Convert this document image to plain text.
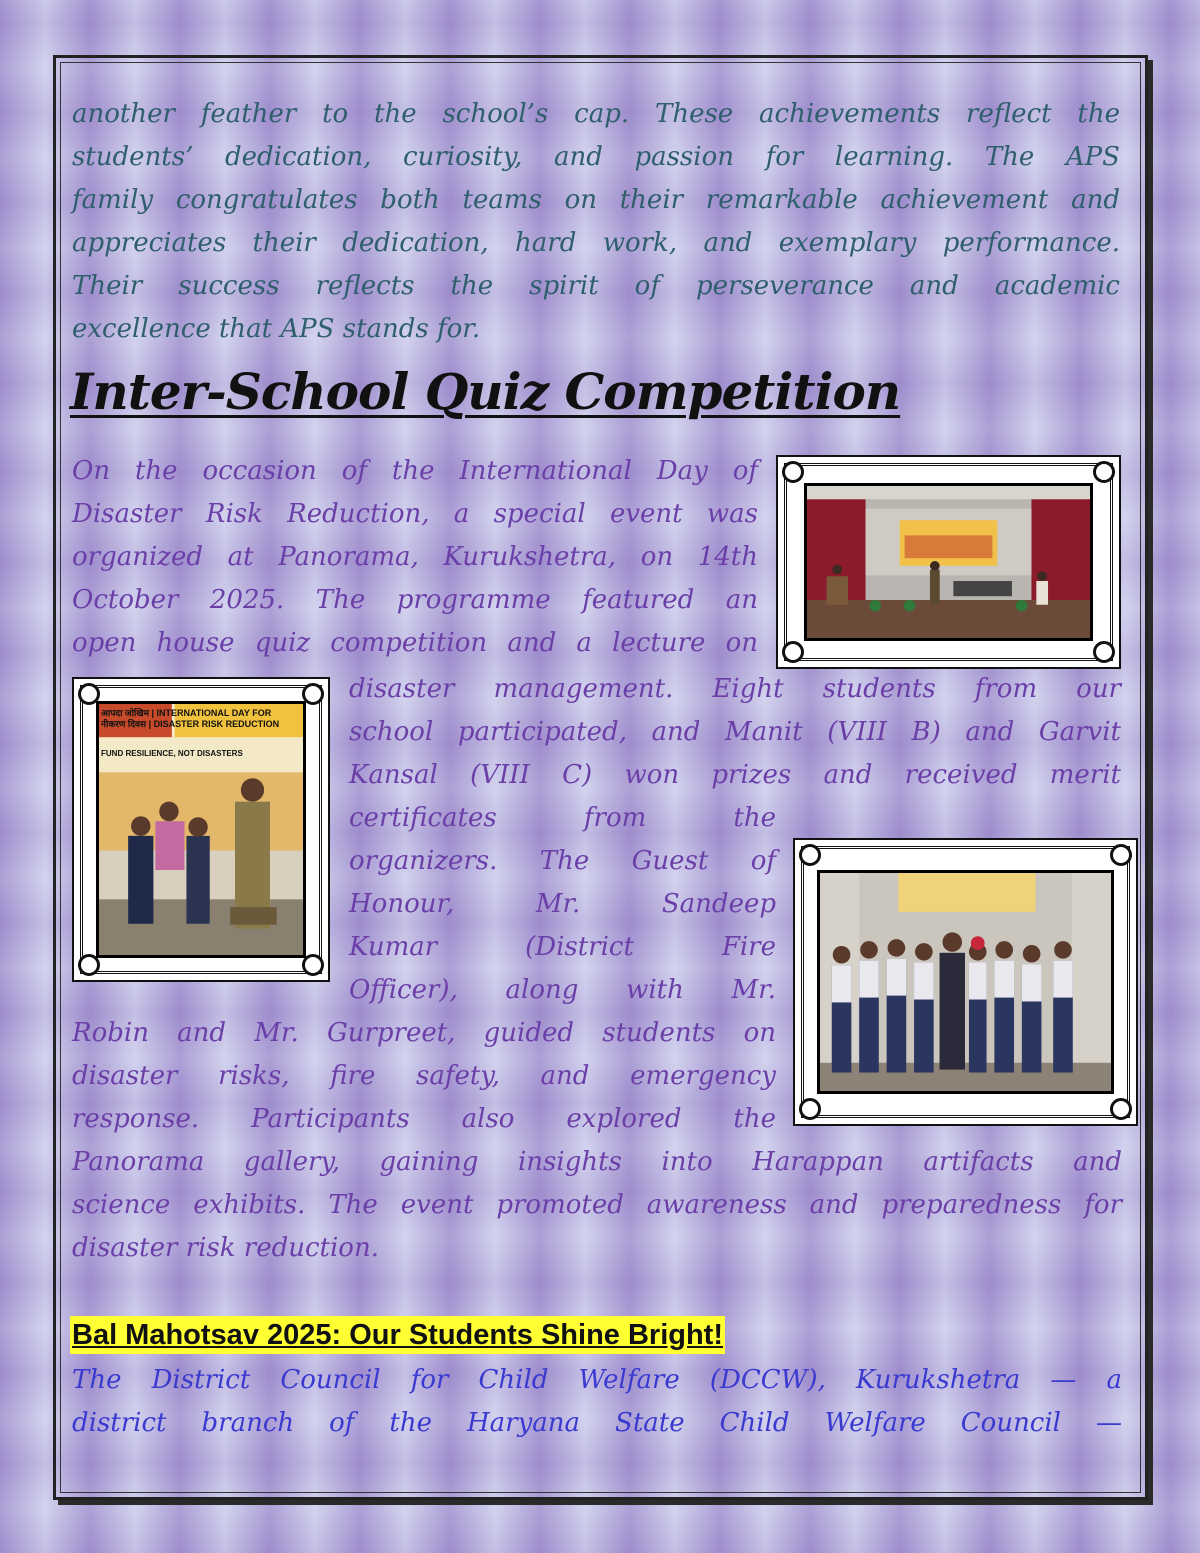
another feather to the school’s cap. These achievements reflect the
students’ dedication, curiosity, and passion for learning. The APS
family congratulates both teams on their remarkable achievement and
appreciates their dedication, hard work, and exemplary performance.
Their success reflects the spirit of perseverance and academic
excellence that APS stands for.
Inter-School Quiz Competition
On the occasion of the International Day of
Disaster Risk Reduction, a special event was
organized at Panorama, Kurukshetra, on 14th
October 2025. The programme featured an
open house quiz competition and a lecture on
disaster management. Eight students from our
school participated, and Manit (VIII B) and Garvit
Kansal (VIII C) won prizes and received merit
certificates from the
organizers. The Guest of
Honour, Mr. Sandeep
Kumar (District Fire
Officer), along with Mr.
Robin and Mr. Gurpreet, guided students on
disaster risks, fire safety, and emergency
response. Participants also explored the
Panorama gallery, gaining insights into Harappan artifacts and
science exhibits. The event promoted awareness and preparedness for
disaster risk reduction.
आपदा जोखिम | INTERNATIONAL DAY FOR
नीकरण दिवस | DISASTER RISK REDUCTION
FUND RESILIENCE, NOT DISASTERS
Bal Mahotsav 2025: Our Students Shine Bright!
The District Council for Child Welfare (DCCW), Kurukshetra — a
district branch of the Haryana State Child Welfare Council —
